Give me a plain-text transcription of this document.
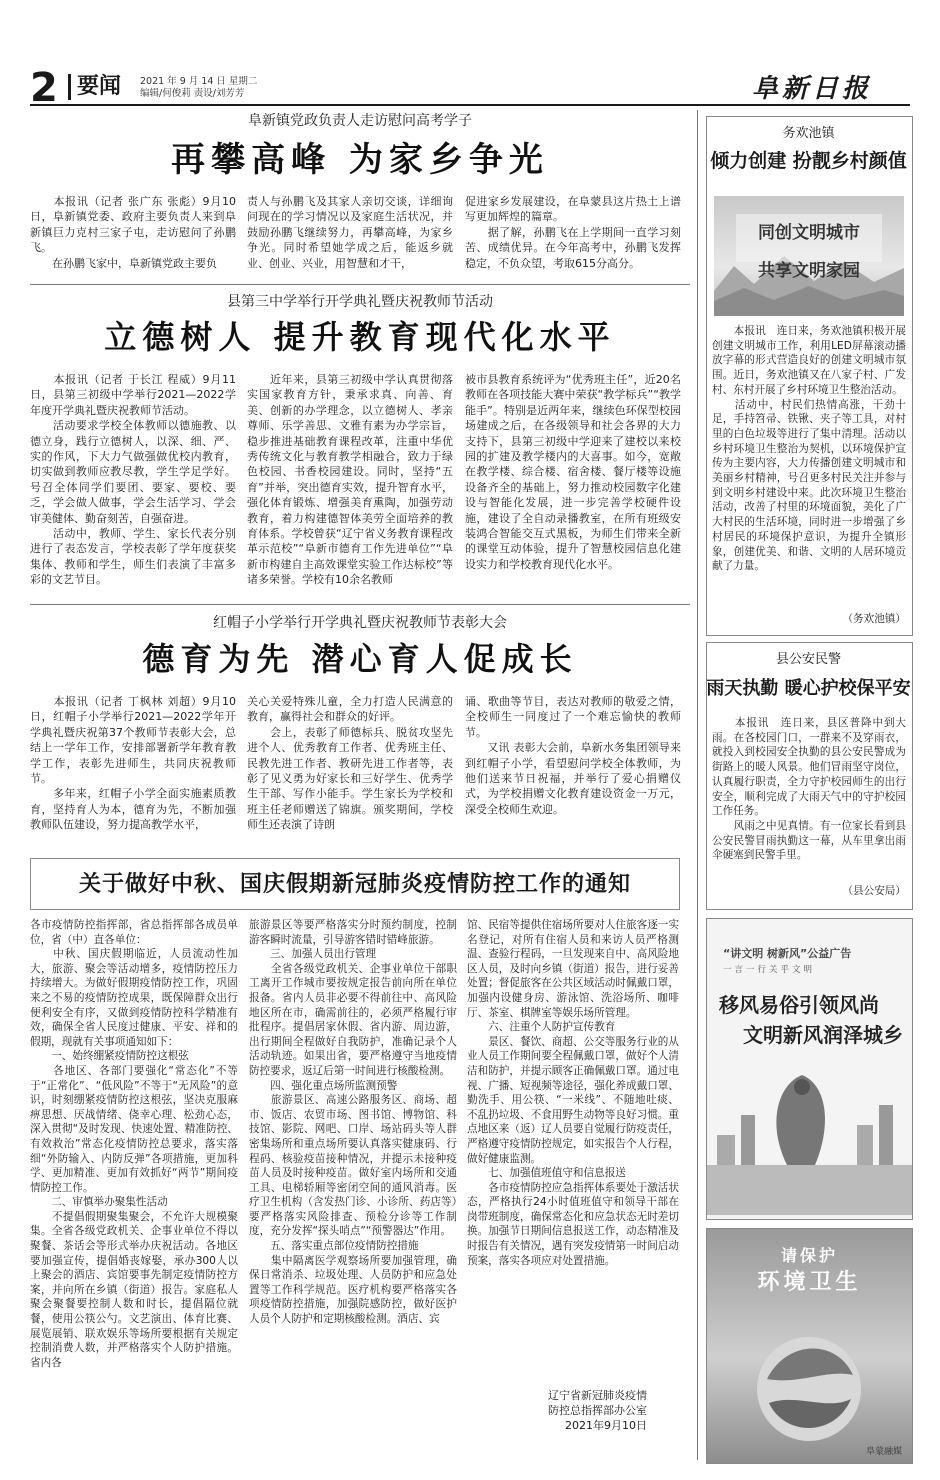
2 要闻 2021 年 9 月 14 日 星期二
编辑/何俊莉 责设/刘芳芳	阜新日报
阜新镇党政负责人走访慰问高考学子
再攀高峰 为家乡争光
　　本报讯（记者 张广东 张彪）9月10日，阜新镇党委、政府主要负责人来到阜新镇巨力克村三家子屯，走访慰问了孙鹏飞。
　　在孙鹏飞家中，阜新镇党政主要负
责人与孙鹏飞及其家人亲切交谈，详细询问现在的学习情况以及家庭生活状况，并鼓励孙鹏飞继续努力，再攀高峰，为家乡争光。同时希望她学成之后，能返乡就业、创业、兴业，用智慧和才干，
促进家乡发展建设，在阜蒙县这片热土上谱写更加辉煌的篇章。
　　据了解，孙鹏飞在上学期间一直学习刻苦、成绩优异。在今年高考中，孙鹏飞发挥稳定，不负众望，考取615分高分。
县第三中学举行开学典礼暨庆祝教师节活动
立德树人 提升教育现代化水平
　　本报讯（记者 于长江 程威）9月11日，县第三初级中学举行2021—2022学年度开学典礼暨庆祝教师节活动。
　　活动要求学校全体教师以德施教、以德立身，践行立德树人，以深、细、严、实的作风，下大力气做强做优校内教育，切实做到教师应教尽教，学生学足学好。号召全体同学们要团、要家、要校、要乏，学会做人做事，学会生活学习、学会审美健体、勤奋刻苦，自强奋进。
　　活动中，教师、学生、家长代表分别进行了表态发言，学校表彰了学年度获奖集体、教师和学生，师生们表演了丰富多彩的文艺节目。
　　近年来，县第三初级中学认真贯彻落实国家教育方针，秉承求真、向善、育美、创新的办学理念，以立德树人、孝亲尊师、乐学善思、文雅有素为办学宗旨，稳步推进基础教育课程改革，注重中华优秀传统文化与教育教学相融合，致力于绿色校园、书香校园建设。同时，坚持“五育”并举，突出德育实效，提升智育水平，强化体育锻炼、增强美育熏陶，加强劳动教育，着力构建德智体美劳全面培养的教育体系。学校曾获“辽宁省义务教育课程改革示范校”“阜新市德育工作先进单位”“阜新市构建自主高效课堂实验工作达标校”等诸多荣誉。学校有10余名教师
被市县教育系统评为“优秀班主任”，近20名教师在各项技能大赛中荣获“教学标兵”“教学能手”。特别是近两年来，继续色环保型校园场建成之后，在各级领导和社会各界的大力支持下，县第三初级中学迎来了建校以来校园的扩建及教学楼内的大喜事。如今，宽敞在教学楼、综合楼、宿舍楼、餐厅楼等设施设备齐全的基础上，努力推动校园数字化建设与智能化发展，进一步完善学校硬件设施，建设了全自动录播教室，在所有班级安装鸿合智能交互式黑板，为师生们带来全新的课堂互动体验，提升了智慧校园信息化建设实力和学校教育现代化水平。
红帽子小学举行开学典礼暨庆祝教师节表彰大会
德育为先 潜心育人促成长
　　本报讯（记者 丁枫林 刘超）9月10日，红帽子小学举行2021—2022学年开学典礼暨庆祝第37个教师节表彰大会，总结上一学年工作，安排部署新学年教育教学工作，表彰先进师生，共同庆祝教师节。
　　多年来，红帽子小学全面实施素质教育，坚持育人为本，德育为先，不断加强教师队伍建设，努力提高教学水平，
关心关爱特殊儿童，全力打造人民满意的教育，赢得社会和群众的好评。
　　会上，表彰了师德标兵、脱贫攻坚先进个人、优秀教育工作者、优秀班主任、民教先进工作者、教研先进工作者等，表彰了见义勇为好家长和三好学生、优秀学生干部、写作小能手。学生家长为学校和班主任老师赠送了锦旗。颁奖期间，学校师生还表演了诗朗
诵、歌曲等节目，表达对教师的敬爱之情，全校师生一同度过了一个难忘愉快的教师节。
　　又讯 表彰大会前，阜新水务集团领导来到红帽子小学，看望慰问学校全体教师，为他们送来节日祝福，并举行了爱心捐赠仪式，为学校捐赠文化教育建设资金一万元，深受全校师生欢迎。
关于做好中秋、国庆假期新冠肺炎疫情防控工作的通知
各市疫情防控指挥部，省总指挥部各成员单位，省（中）直各单位：
　　中秋、国庆假期临近，人员流动性加大，旅游、聚会等活动增多，疫情防控压力持续增大。为做好假期疫情防控工作，巩固来之不易的疫情防控成果，既保障群众出行便利安全有序，又做到疫情防控科学精准有效，确保全省人民度过健康、平安、祥和的假期，现就有关事项通知如下：
　　一、始终绷紧疫情防控这根弦
　　各地区、各部门要强化“常态化”不等于“正常化”、“低风险”不等于“无风险”的意识，时刻绷紧疫情防控这根弦，坚决克服麻痹思想、厌战情绪、侥幸心理、松劲心态，深入贯彻“及时发现、快速处置、精准防控、有效救治”常态化疫情防控总要求，落实落细“外防输入、内防反弹”各项措施，更加科学、更加精准、更加有效抓好“两节”期间疫情防控工作。
　　二、审慎举办聚集性活动
　　不提倡假期聚集聚会，不允许大规模聚集。全省各级党政机关、企事业单位不得以聚餐、茶话会等形式举办庆祝活动。各地区要加强宣传，提倡婚丧嫁娶，承办300人以上聚会的酒店、宾馆要事先制定疫情防控方案，并向所在乡镇（街道）报告。家庭私人聚会聚餐要控制人数和时长，提倡隔位就餐，使用公筷公勺。文艺演出、体育比赛、展览展销、联欢娱乐等场所要根据有关规定控制消费人数，并严格落实个人防护措施。省内各
旅游景区等要严格落实分时预约制度，控制游客瞬时流量，引导游客错时错峰旅游。
　　三、加强人员出行管理
　　全省各级党政机关、企事业单位干部职工离开工作城市要按规定报告前向所在单位报备。省内人员非必要不得前往中、高风险地区所在市，确需前往的，必须严格履行审批程序。提倡居家休假、省内游、周边游，出行期间全程做好自我防护，准确记录个人活动轨迹。如果出省，要严格遵守当地疫情防控要求，返辽后第一时间进行核酸检测。
　　四、强化重点场所监测预警
　　旅游景区、高速公路服务区、商场、超市、饭店、农贸市场、图书馆、博物馆、科技馆、影院、网吧、口岸、场站码头等人群密集场所和重点场所要认真落实健康码、行程码、核验疫苗接种情况，并提示未接种疫苗人员及时接种疫苗。做好室内场所和交通工具、电梯轿厢等密闭空间的通风消毒。医疗卫生机构（含发热门诊、小诊所、药店等）要严格落实风险排查、预检分诊等工作制度，充分发挥“探头哨点”“预警器达”作用。
　　五、落实重点部位疫情防控措施
　　集中隔离医学观察场所要加强管理，确保日常消杀、垃圾处理、人员防护和应急处置等工作科学规范。医疗机构要严格落实各项疫情防控措施，加强院感防控，做好医护人员个人防护和定期核酸检测。酒店、宾
馆、民宿等提供住宿场所要对人住旅客逐一实名登记，对所有住宿人员和来访人员严格测温、查验行程码，一旦发现来自中、高风险地区人员，及时向乡镇（街道）报告，进行妥善处置；督促旅客在公共区域活动时佩戴口罩，加强内设健身房、游泳馆、洗浴场所、咖啡厅、茶室、棋牌室等娱乐场所管理。
　　六、注重个人防护宣传教育
　　景区、餐饮、商超、公交等服务行业的从业人员工作期间要全程佩戴口罩，做好个人清洁和防护，并提示顾客正确佩戴口罩。通过电视、广播、短视频等途径，强化养成戴口罩、勤洗手、用公筷、“一米线”、不随地吐痰、不乱扔垃圾、不食用野生动物等良好习惯。重点地区来（返）辽人员要自觉履行防疫责任，严格遵守疫情防控规定，如实报告个人行程，做好健康监测。
　　七、加强值班值守和信息报送
　　各市疫情防控应急指挥体系要处于激活状态，严格执行24小时值班值守和领导干部在岗带班制度，确保常态化和应急状态无时差切换。加强节日期间信息报送工作，动态精准及时报告有关情况，遇有突发疫情第一时间启动预案，落实各项应对处置措施。
辽宁省新冠肺炎疫情
防控总指挥部办公室
2021年9月10日
务欢池镇
倾力创建 扮靓乡村颜值
同创文明城市
共享文明家园
　　本报讯　连日来，务欢池镇积极开展创建文明城市工作，利用LED屏幕滚动播放字幕的形式营造良好的创建文明城市氛围。近日，务欢池镇又在八家子村、广发村、东村开展了乡村环境卫生整治活动。
　　活动中，村民们热情高涨，干劲十足，手持笤帚、铁锹、夹子等工具，对村里的白色垃圾等进行了集中清理。活动以乡村环境卫生整治为契机，以环境保护宣传为主要内容，大力传播创建文明城市和美丽乡村精神，号召更多村民关注并参与到文明乡村建设中来。此次环境卫生整治活动，改善了村里的环境面貌，美化了广大村民的生活环境，同时进一步增强了乡村居民的环境保护意识，为提升全镇形象，创建优美、和谐、文明的人居环境贡献了力量。
（务欢池镇）
县公安民警
雨天执勤 暖心护校保平安
　　本报讯　连日来，县区普降中到大雨。在各校园门口，一群来不及穿雨衣，就投入到校园安全执勤的县公安民警成为街路上的暖人风景。他们冒雨坚守岗位，认真履行职责，全力守护校园师生的出行安全，顺利完成了大雨天气中的守护校园工作任务。
　　风雨之中见真情。有一位家长看到县公安民警冒雨执勤这一幕，从车里拿出雨伞硬塞到民警手里。
（县公安局）
“讲文明 树新风”公益广告
一言一行关乎文明
移风易俗引领风尚
文明新风润泽城乡
请保护
环境卫生
阜蒙融媒
